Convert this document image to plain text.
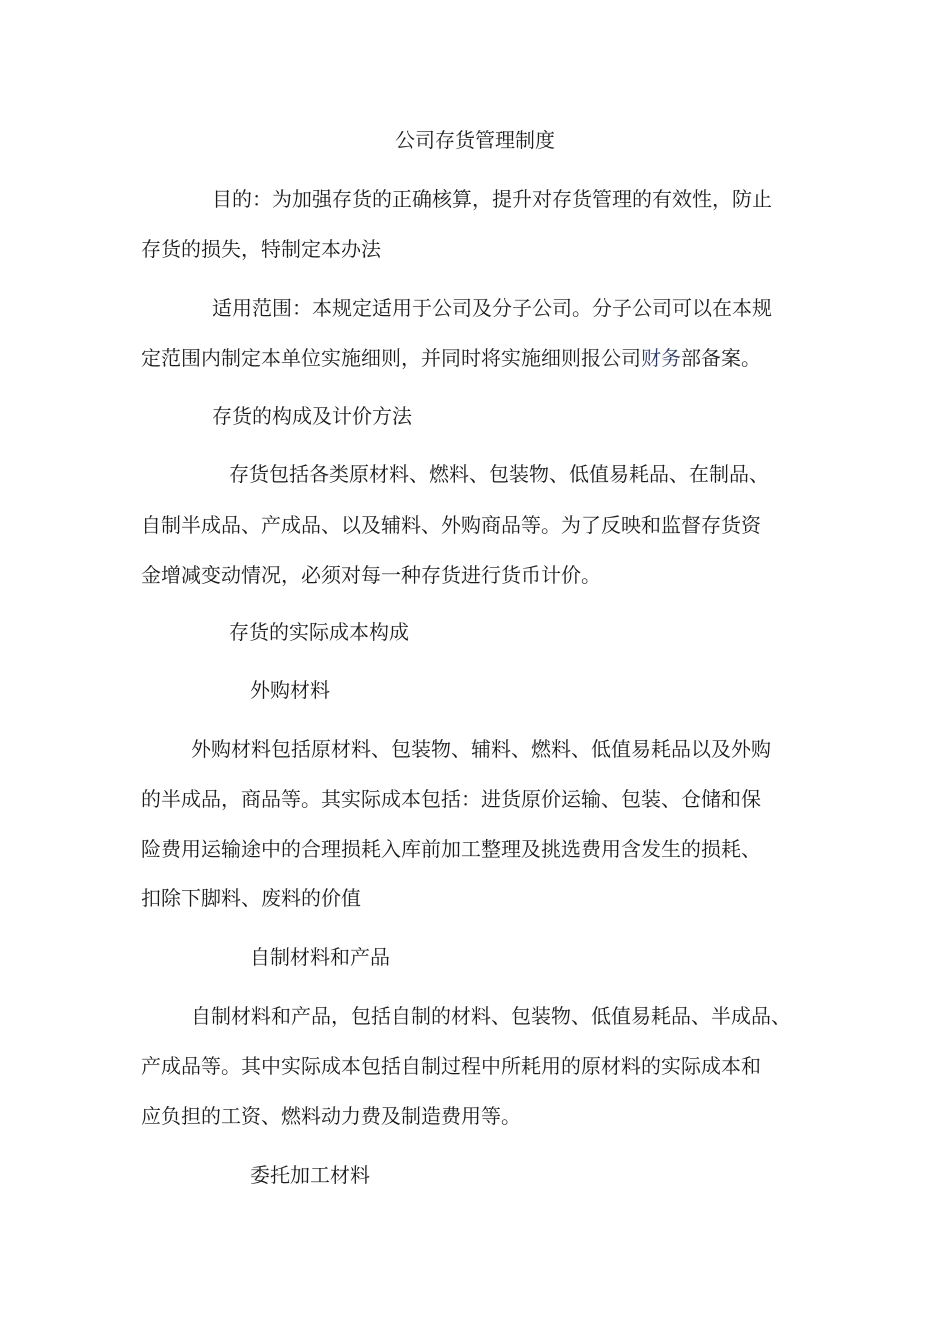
公司存货管理制度
目的：为加强存货的正确核算，提升对存货管理的有效性，防止
存货的损失，特制定本办法
适用范围：本规定适用于公司及分子公司。分子公司可以在本规
定范围内制定本单位实施细则，并同时将实施细则报公司财务部备案。
存货的构成及计价方法
存货包括各类原材料、燃料、包装物、低值易耗品、在制品、
自制半成品、产成品、以及辅料、外购商品等。为了反映和监督存货资
金增减变动情况，必须对每一种存货进行货币计价。
存货的实际成本构成
外购材料
外购材料包括原材料、包装物、辅料、燃料、低值易耗品以及外购
的半成品，商品等。其实际成本包括：进货原价运输、包装、仓储和保
险费用运输途中的合理损耗入库前加工整理及挑选费用含发生的损耗、
扣除下脚料、废料的价值
自制材料和产品
自制材料和产品，包括自制的材料、包装物、低值易耗品、半成品、
产成品等。其中实际成本包括自制过程中所耗用的原材料的实际成本和
应负担的工资、燃料动力费及制造费用等。
委托加工材料
